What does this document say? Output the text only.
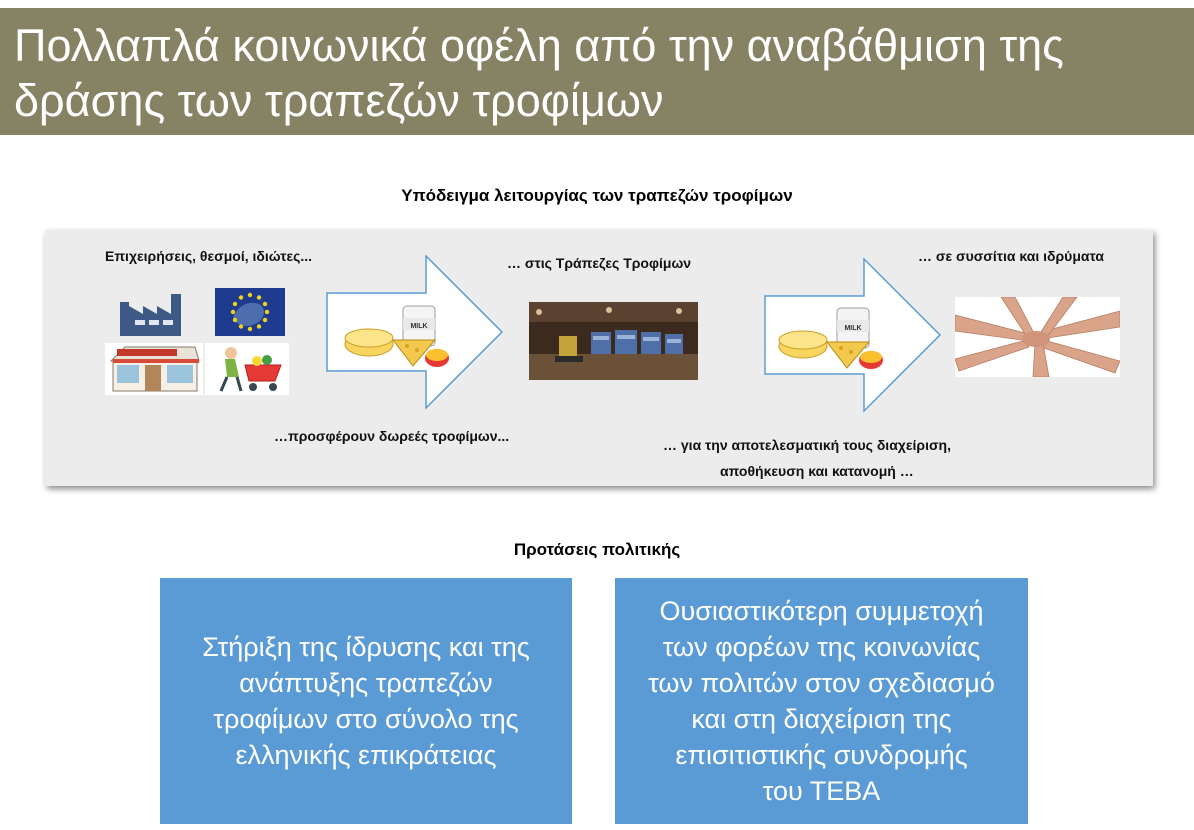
Πολλαπλά κοινωνικά οφέλη από την αναβάθμιση της
δράσης των τραπεζών τροφίμων
Υπόδειγμα λειτουργίας των τραπεζών τροφίμων
Επιχειρήσεις, θεσμοί, ιδιώτες...	… στις Τράπεζες Τροφίμων	… σε συσσίτια και ιδρύματα
…προσφέρουν δωρεές τροφίμων...
… για την αποτελεσματική τους διαχείριση,
αποθήκευση και κατανομή …
MILK	MILK
Προτάσεις πολιτικής
Στήριξη της ίδρυσης και της
ανάπτυξης τραπεζών
τροφίμων στο σύνολο της
ελληνικής επικράτειας
Ουσιαστικότερη συμμετοχή
των φορέων της κοινωνίας
των πολιτών στον σχεδιασμό
και στη διαχείριση της
επισιτιστικής συνδρομής
του ΤΕΒΑ
